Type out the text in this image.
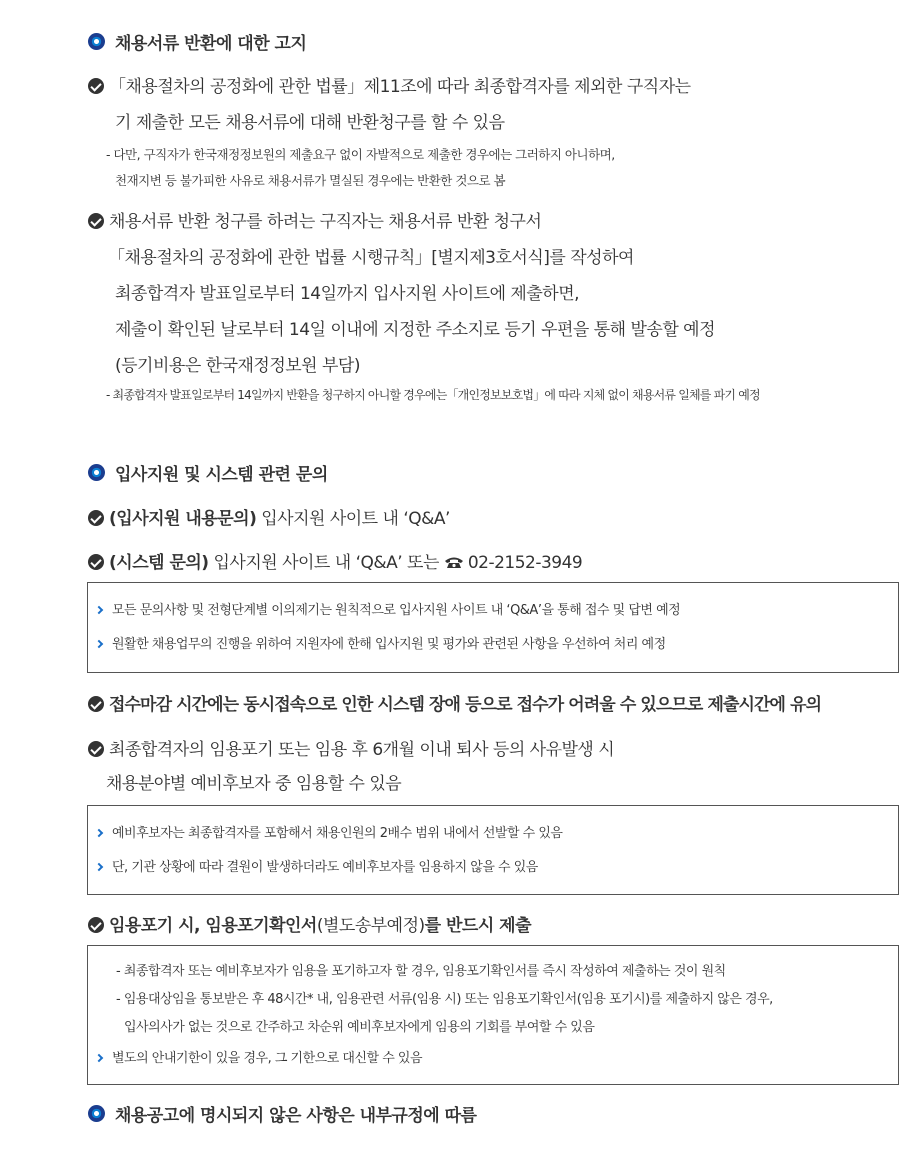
채용서류 반환에 대한 고지
「채용절차의 공정화에 관한 법률」제11조에 따라 최종합격자를 제외한 구직자는
기 제출한 모든 채용서류에 대해 반환청구를 할 수 있음
- 다만, 구직자가 한국재정정보원의 제출요구 없이 자발적으로 제출한 경우에는 그러하지 아니하며,
천재지변 등 불가피한 사유로 채용서류가 멸실된 경우에는 반환한 것으로 봄
채용서류 반환 청구를 하려는 구직자는 채용서류 반환 청구서
「채용절차의 공정화에 관한 법률 시행규칙」[별지제3호서식]를 작성하여
최종합격자 발표일로부터 14일까지 입사지원 사이트에 제출하면,
제출이 확인된 날로부터 14일 이내에 지정한 주소지로 등기 우편을 통해 발송할 예정
(등기비용은 한국재정정보원 부담)
- 최종합격자 발표일로부터 14일까지 반환을 청구하지 아니할 경우에는「개인정보보호법」에 따라 지체 없이 채용서류 일체를 파기 예정
입사지원 및 시스템 관련 문의
(입사지원 내용문의) 입사지원 사이트 내 ‘Q&A’
(시스템 문의) 입사지원 사이트 내 ‘Q&A’ 또는 02-2152-3949
모든 문의사항 및 전형단계별 이의제기는 원칙적으로 입사지원 사이트 내 ‘Q&A’을 통해 접수 및 답변 예정
원활한 채용업무의 진행을 위하여 지원자에 한해 입사지원 및 평가와 관련된 사항을 우선하여 처리 예정
접수마감 시간에는 동시접속으로 인한 시스템 장애 등으로 접수가 어려울 수 있으므로 제출시간에 유의
최종합격자의 임용포기 또는 임용 후 6개월 이내 퇴사 등의 사유발생 시
채용분야별 예비후보자 중 임용할 수 있음
예비후보자는 최종합격자를 포함해서 채용인원의 2배수 범위 내에서 선발할 수 있음
단, 기관 상황에 따라 결원이 발생하더라도 예비후보자를 임용하지 않을 수 있음
임용포기 시, 임용포기확인서(별도송부예정)를 반드시 제출
- 최종합격자 또는 예비후보자가 임용을 포기하고자 할 경우, 임용포기확인서를 즉시 작성하여 제출하는 것이 원칙
- 임용대상임을 통보받은 후 48시간* 내, 임용관련 서류(임용 시) 또는 임용포기확인서(임용 포기시)를 제출하지 않은 경우,
입사의사가 없는 것으로 간주하고 차순위 예비후보자에게 임용의 기회를 부여할 수 있음
별도의 안내기한이 있을 경우, 그 기한으로 대신할 수 있음
채용공고에 명시되지 않은 사항은 내부규정에 따름
